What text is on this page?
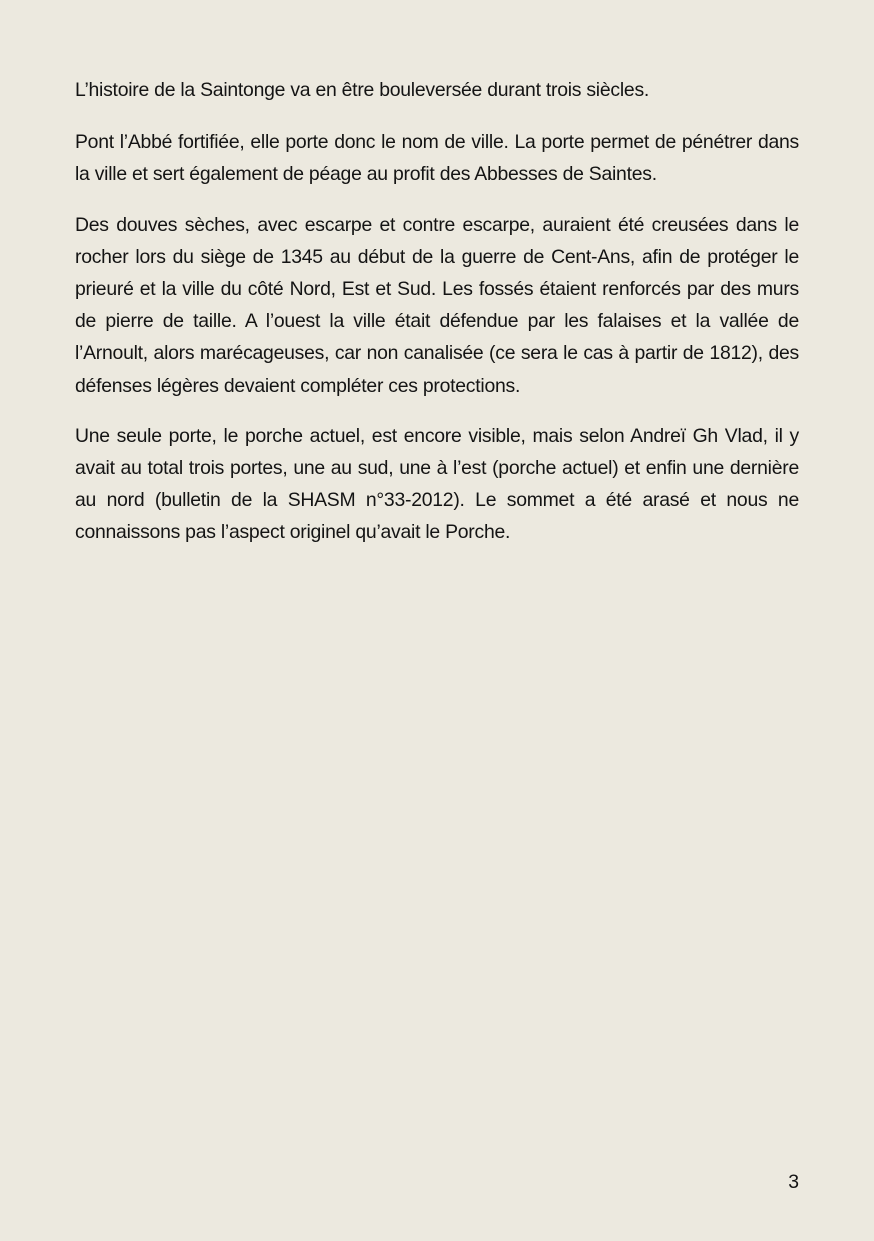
L’histoire de la Saintonge va en être bouleversée durant trois siècles.

Pont l’Abbé fortifiée, elle porte donc le nom de ville. La porte permet de pénétrer dans la ville et sert également de péage au profit des Abbesses de Saintes.

Des douves sèches, avec escarpe et contre escarpe, auraient été creusées dans le rocher lors du siège de 1345 au début de la guerre de Cent-Ans, afin de protéger le prieuré et la ville du côté Nord, Est et Sud. Les fossés étaient renforcés par des murs de pierre de taille. A l’ouest la ville était défendue par les falaises et la vallée de l’Arnoult, alors marécageuses, car non canalisée (ce sera le cas à partir de 1812), des défenses légères devaient compléter ces protections.

Une seule porte, le porche actuel, est encore visible, mais selon Andreï Gh Vlad, il y avait au total trois portes, une au sud, une à l’est (porche actuel) et enfin une dernière au nord (bulletin de la SHASM n°33-2012). Le sommet a été arasé et nous ne connaissons pas l’aspect originel qu’avait le Porche.

3
